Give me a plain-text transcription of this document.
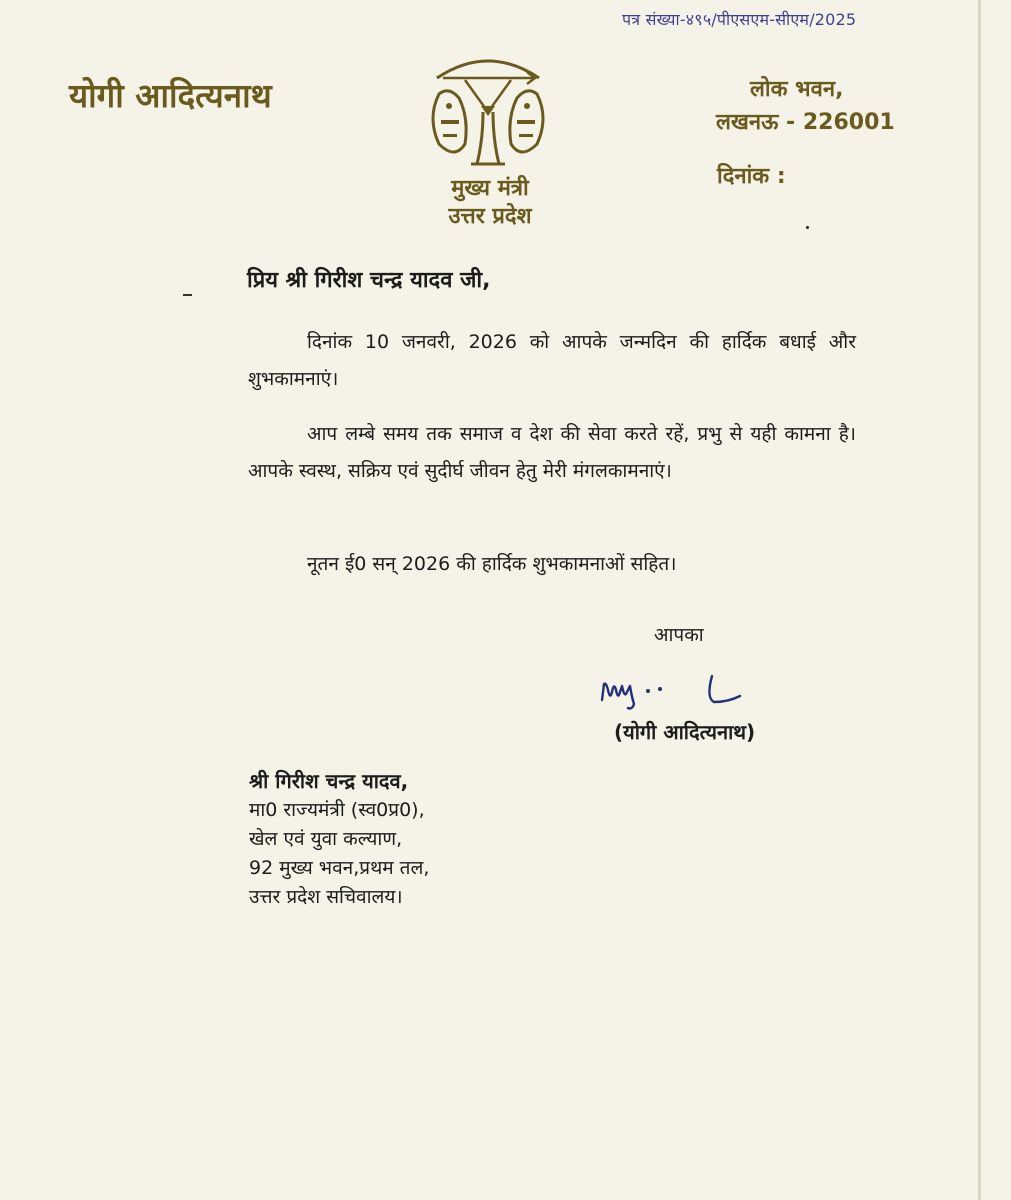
पत्र संख्या-४९५/पीएसएम-सीएम/2025
योगी आदित्यनाथ
मुख्य मंत्री
उत्तर प्रदेश
लोक भवन,
लखनऊ - 226001
दिनांक :
प्रिय श्री गिरीश चन्द्र यादव जी,
दिनांक 10 जनवरी, 2026 को आपके जन्मदिन की हार्दिक बधाई और शुभकामनाएं।
आप लम्बे समय तक समाज व देश की सेवा करते रहें, प्रभु से यही कामना है। आपके स्वस्थ, सक्रिय एवं सुदीर्घ जीवन हेतु मेरी मंगलकामनाएं।
नूतन ई0 सन् 2026 की हार्दिक शुभकामनाओं सहित।
आपका
(योगी आदित्यनाथ)
श्री गिरीश चन्द्र यादव,
मा0 राज्यमंत्री (स्व0प्र0),
खेल एवं युवा कल्याण,
92 मुख्य भवन,प्रथम तल,
उत्तर प्रदेश सचिवालय।
